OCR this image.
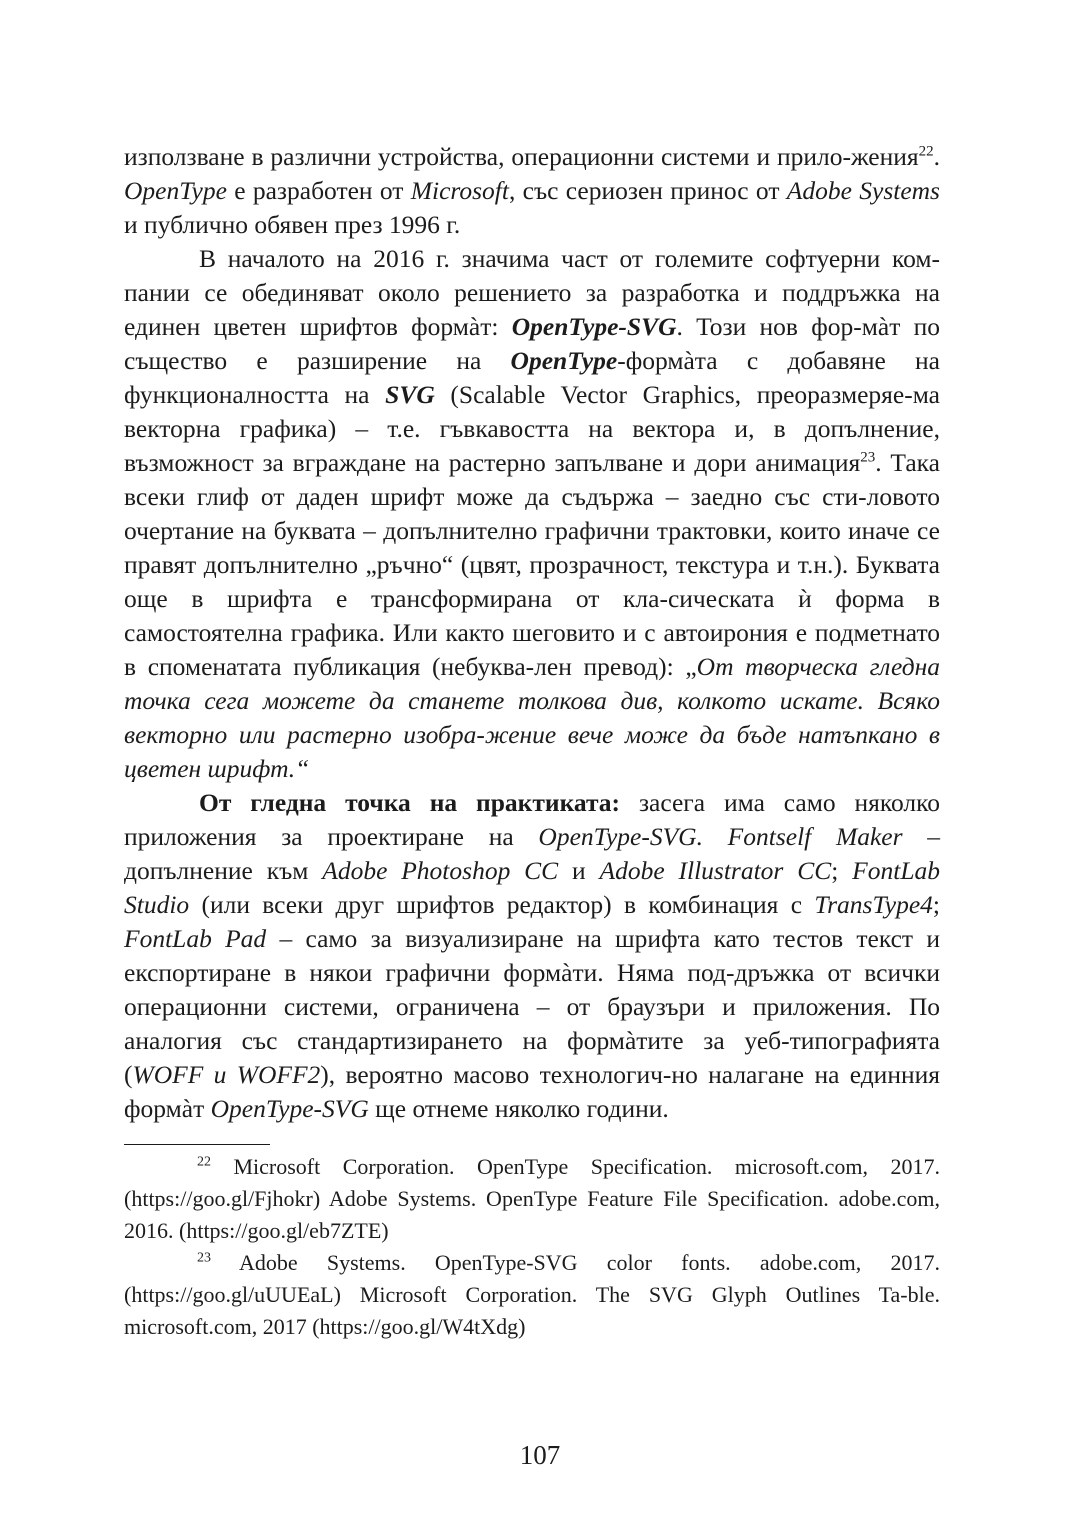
използване в различни устройства, операционни системи и прило-жения$^{22}$. OpenType е разработен от Microsoft, със сериозен принос от Adobe Systems и публично обявен през 1996 г.

В началото на 2016 г. значима част от големите софтуерни ком-пании се обединяват около решението за разработка и поддръжка на единен цветен шрифтов формàт: OpenType-SVG. Този нов фор-мàт по същество е разширение на OpenType-формàта с добавяне на функционалността на SVG (Scalable Vector Graphics, преоразмеряе-ма векторна графика) – т.е. гъвкавостта на вектора и, в допълнение, възможност за вграждане на растерно запълване и дори анимация$^{23}$. Така всеки глиф от даден шрифт може да съдържа – заедно със сти-ловото очертание на буквата – допълнително графични трактовки, които иначе се правят допълнително „ръчно“ (цвят, прозрачност, текстура и т.н.). Буквата още в шрифта е трансформирана от кла-сическата ѝ форма в самостоятелна графика. Или както шеговито и с автоирония е подметнато в споменатата публикация (небуква-лен превод): „От творческа гледна точка сега можете да станете толкова див, колкото искате. Всяко векторно или растерно изобра-жение вече може да бъде натъпкано в цветен шрифт.“

От гледна точка на практиката: засега има само няколко приложения за проектиране на OpenType-SVG. Fontself Maker – допълнение към Adobe Photoshop CC и Adobe Illustrator CC; FontLab Studio (или всеки друг шрифтов редактор) в комбинация с TransType4; FontLab Pad – само за визуализиране на шрифта като тестов текст и експортиране в някои графични формàти. Няма под-дръжка от всички операционни системи, ограничена – от браузъри и приложения. По аналогия със стандартизирането на формàтите за уеб-типографията (WOFF и WOFF2), вероятно масово технологич-но налагане на единния формàт OpenType-SVG ще отнеме няколко години.

$^{22}$ Microsoft Corporation. OpenType Specification. microsoft.com, 2017. (https://goo.gl/Fjhokr) Adobe Systems. OpenType Feature File Specification. adobe.com, 2016. (https://goo.gl/eb7ZTE)

$^{23}$ Adobe Systems. OpenType-SVG color fonts. adobe.com, 2017. (https://goo.gl/uUUEaL) Microsoft Corporation. The SVG Glyph Outlines Ta-ble. microsoft.com, 2017 (https://goo.gl/W4tXdg)

107
